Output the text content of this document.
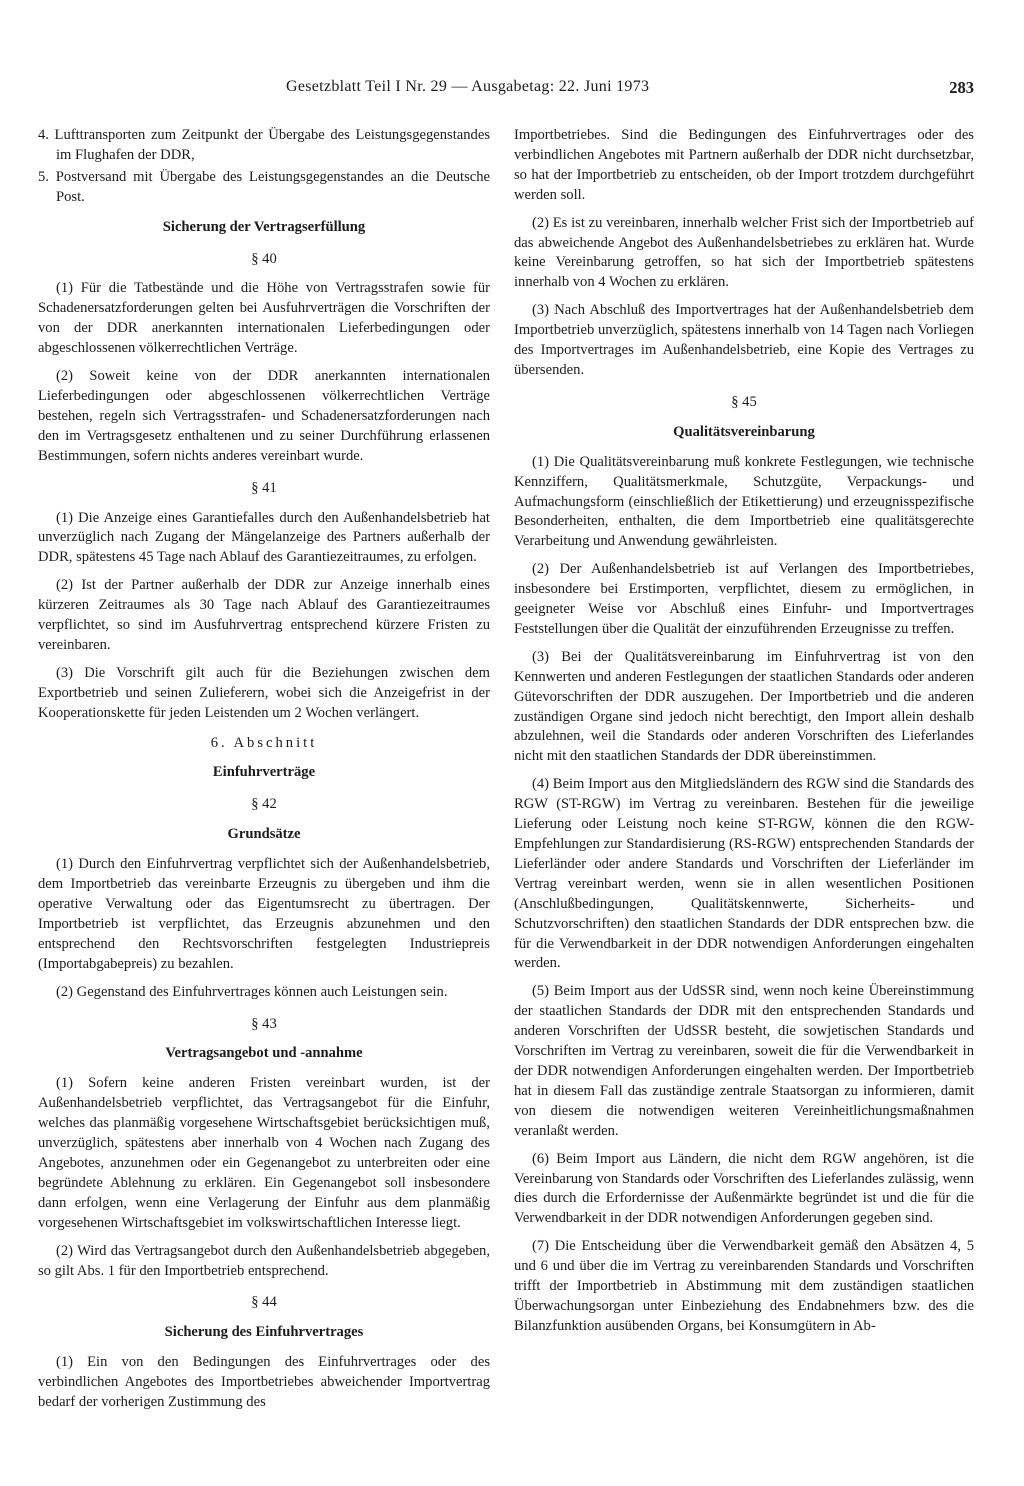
Gesetzblatt Teil I Nr. 29 — Ausgabetag: 22. Juni 1973	283

4. Lufttransporten zum Zeitpunkt der Übergabe des Leistungsgegenstandes im Flughafen der DDR,

5. Postversand mit Übergabe des Leistungsgegenstandes an die Deutsche Post.

Sicherung der Vertragserfüllung
§ 40

(1) Für die Tatbestände und die Höhe von Vertragsstrafen sowie für Schadenersatzforderungen gelten bei Ausfuhrverträgen die Vorschriften der von der DDR anerkannten internationalen Lieferbedingungen oder abgeschlossenen völkerrechtlichen Verträge.

(2) Soweit keine von der DDR anerkannten internationalen Lieferbedingungen oder abgeschlossenen völkerrechtlichen Verträge bestehen, regeln sich Vertragsstrafen- und Schadenersatzforderungen nach den im Vertragsgesetz enthaltenen und zu seiner Durchführung erlassenen Bestimmungen, sofern nichts anderes vereinbart wurde.

§ 41

(1) Die Anzeige eines Garantiefalles durch den Außenhandelsbetrieb hat unverzüglich nach Zugang der Mängelanzeige des Partners außerhalb der DDR, spätestens 45 Tage nach Ablauf des Garantiezeitraumes, zu erfolgen.

(2) Ist der Partner außerhalb der DDR zur Anzeige innerhalb eines kürzeren Zeitraumes als 30 Tage nach Ablauf des Garantiezeitraumes verpflichtet, so sind im Ausfuhrvertrag entsprechend kürzere Fristen zu vereinbaren.

(3) Die Vorschrift gilt auch für die Beziehungen zwischen dem Exportbetrieb und seinen Zulieferern, wobei sich die Anzeigefrist in der Kooperationskette für jeden Leistenden um 2 Wochen verlängert.

6. Abschnitt
Einfuhrverträge
§ 42
Grundsätze

(1) Durch den Einfuhrvertrag verpflichtet sich der Außenhandelsbetrieb, dem Importbetrieb das vereinbarte Erzeugnis zu übergeben und ihm die operative Verwaltung oder das Eigentumsrecht zu übertragen. Der Importbetrieb ist verpflichtet, das Erzeugnis abzunehmen und den entsprechend den Rechtsvorschriften festgelegten Industriepreis (Importabgabepreis) zu bezahlen.

(2) Gegenstand des Einfuhrvertrages können auch Leistungen sein.

§ 43
Vertragsangebot und -annahme

(1) Sofern keine anderen Fristen vereinbart wurden, ist der Außenhandelsbetrieb verpflichtet, das Vertragsangebot für die Einfuhr, welches das planmäßig vorgesehene Wirtschaftsgebiet berücksichtigen muß, unverzüglich, spätestens aber innerhalb von 4 Wochen nach Zugang des Angebotes, anzunehmen oder ein Gegenangebot zu unterbreiten oder eine begründete Ablehnung zu erklären. Ein Gegenangebot soll insbesondere dann erfolgen, wenn eine Verlagerung der Einfuhr aus dem planmäßig vorgesehenen Wirtschaftsgebiet im volkswirtschaftlichen Interesse liegt.

(2) Wird das Vertragsangebot durch den Außenhandelsbetrieb abgegeben, so gilt Abs. 1 für den Importbetrieb entsprechend.

§ 44
Sicherung des Einfuhrvertrages

(1) Ein von den Bedingungen des Einfuhrvertrages oder des verbindlichen Angebotes des Importbetriebes abweichender Importvertrag bedarf der vorherigen Zustimmung des

Importbetriebes. Sind die Bedingungen des Einfuhrvertrages oder des verbindlichen Angebotes mit Partnern außerhalb der DDR nicht durchsetzbar, so hat der Importbetrieb zu entscheiden, ob der Import trotzdem durchgeführt werden soll.

(2) Es ist zu vereinbaren, innerhalb welcher Frist sich der Importbetrieb auf das abweichende Angebot des Außenhandelsbetriebes zu erklären hat. Wurde keine Vereinbarung getroffen, so hat sich der Importbetrieb spätestens innerhalb von 4 Wochen zu erklären.

(3) Nach Abschluß des Importvertrages hat der Außenhandelsbetrieb dem Importbetrieb unverzüglich, spätestens innerhalb von 14 Tagen nach Vorliegen des Importvertrages im Außenhandelsbetrieb, eine Kopie des Vertrages zu übersenden.

§ 45
Qualitätsvereinbarung

(1) Die Qualitätsvereinbarung muß konkrete Festlegungen, wie technische Kennziffern, Qualitätsmerkmale, Schutzgüte, Verpackungs- und Aufmachungsform (einschließlich der Etikettierung) und erzeugnisspezifische Besonderheiten, enthalten, die dem Importbetrieb eine qualitätsgerechte Verarbeitung und Anwendung gewährleisten.

(2) Der Außenhandelsbetrieb ist auf Verlangen des Importbetriebes, insbesondere bei Erstimporten, verpflichtet, diesem zu ermöglichen, in geeigneter Weise vor Abschluß eines Einfuhr- und Importvertrages Feststellungen über die Qualität der einzuführenden Erzeugnisse zu treffen.

(3) Bei der Qualitätsvereinbarung im Einfuhrvertrag ist von den Kennwerten und anderen Festlegungen der staatlichen Standards oder anderen Gütevorschriften der DDR auszugehen. Der Importbetrieb und die anderen zuständigen Organe sind jedoch nicht berechtigt, den Import allein deshalb abzulehnen, weil die Standards oder anderen Vorschriften des Lieferlandes nicht mit den staatlichen Standards der DDR übereinstimmen.

(4) Beim Import aus den Mitgliedsländern des RGW sind die Standards des RGW (ST-RGW) im Vertrag zu vereinbaren. Bestehen für die jeweilige Lieferung oder Leistung noch keine ST-RGW, können die den RGW-Empfehlungen zur Standardisierung (RS-RGW) entsprechenden Standards der Lieferländer oder andere Standards und Vorschriften der Lieferländer im Vertrag vereinbart werden, wenn sie in allen wesentlichen Positionen (Anschlußbedingungen, Qualitätskennwerte, Sicherheits- und Schutzvorschriften) den staatlichen Standards der DDR entsprechen bzw. die für die Verwendbarkeit in der DDR notwendigen Anforderungen eingehalten werden.

(5) Beim Import aus der UdSSR sind, wenn noch keine Übereinstimmung der staatlichen Standards der DDR mit den entsprechenden Standards und anderen Vorschriften der UdSSR besteht, die sowjetischen Standards und Vorschriften im Vertrag zu vereinbaren, soweit die für die Verwendbarkeit in der DDR notwendigen Anforderungen eingehalten werden. Der Importbetrieb hat in diesem Fall das zuständige zentrale Staatsorgan zu informieren, damit von diesem die notwendigen weiteren Vereinheitlichungsmaßnahmen veranlaßt werden.

(6) Beim Import aus Ländern, die nicht dem RGW angehören, ist die Vereinbarung von Standards oder Vorschriften des Lieferlandes zulässig, wenn dies durch die Erfordernisse der Außenmärkte begründet ist und die für die Verwendbarkeit in der DDR notwendigen Anforderungen gegeben sind.

(7) Die Entscheidung über die Verwendbarkeit gemäß den Absätzen 4, 5 und 6 und über die im Vertrag zu vereinbarenden Standards und Vorschriften trifft der Importbetrieb in Abstimmung mit dem zuständigen staatlichen Überwachungsorgan unter Einbeziehung des Endabnehmers bzw. des die Bilanzfunktion ausübenden Organs, bei Konsumgütern in Ab-
